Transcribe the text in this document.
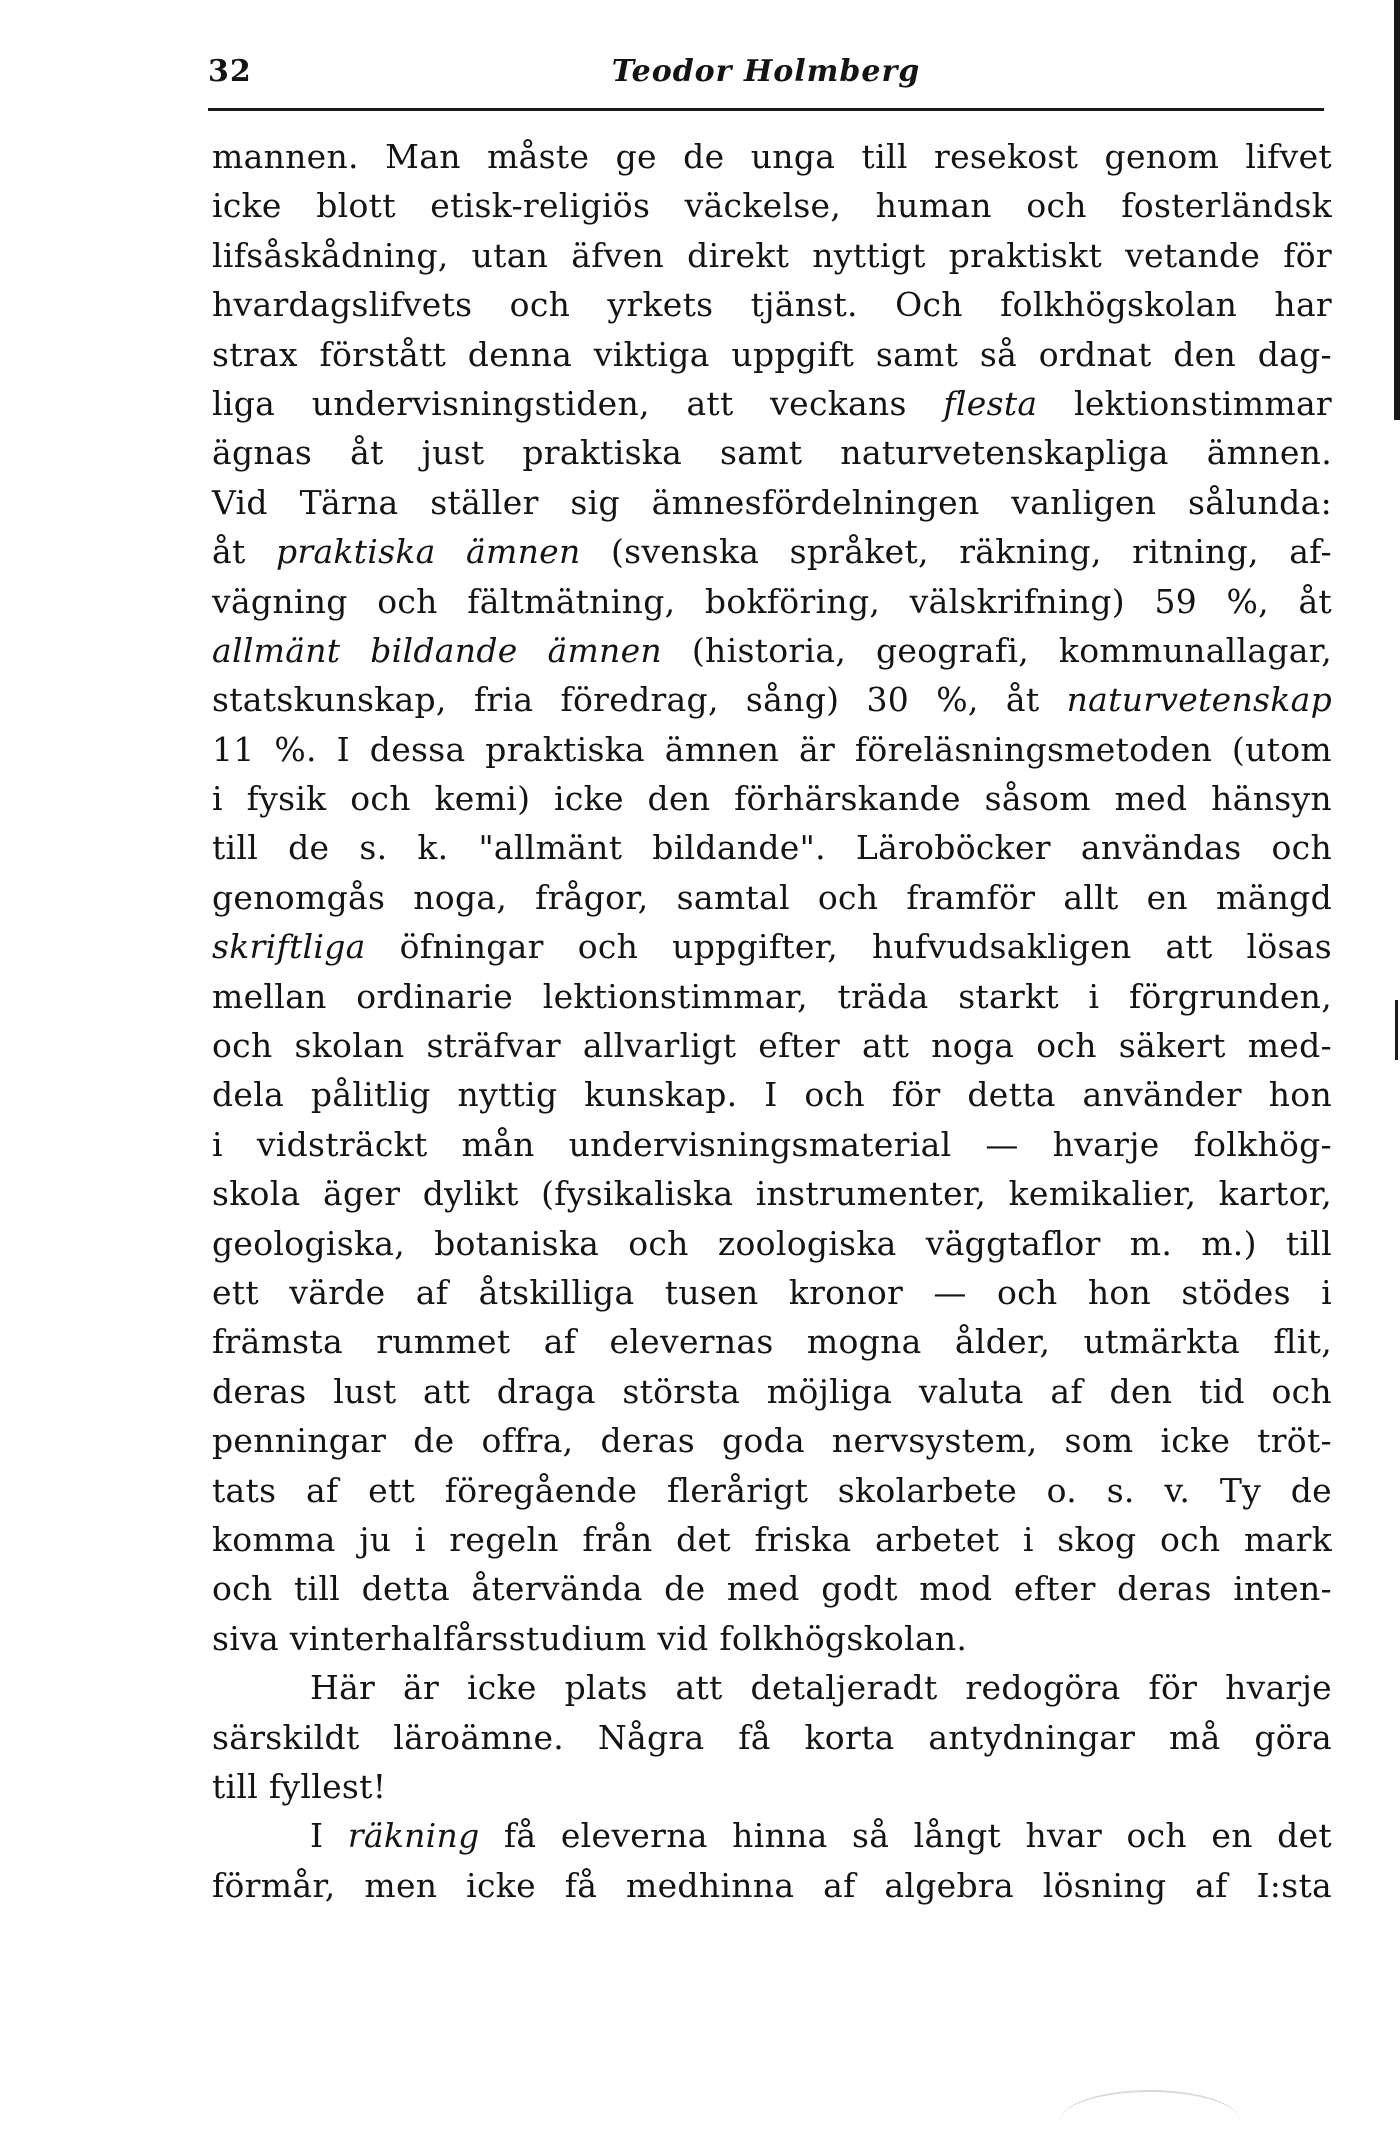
32	Teodor Holmberg
mannen. Man måste ge de unga till resekost genom lifvet
icke blott etisk-religiös väckelse, human och fosterländsk
lifsåskådning, utan äfven direkt nyttigt praktiskt vetande för
hvardagslifvets och yrkets tjänst. Och folkhögskolan har
strax förstått denna viktiga uppgift samt så ordnat den dag-
liga undervisningstiden, att veckans flesta lektionstimmar
ägnas åt just praktiska samt naturvetenskapliga ämnen.
Vid Tärna ställer sig ämnesfördelningen vanligen sålunda:
åt praktiska ämnen (svenska språket, räkning, ritning, af-
vägning och fältmätning, bokföring, välskrifning) 59 %, åt
allmänt bildande ämnen (historia, geografi, kommunallagar,
statskunskap, fria föredrag, sång) 30 %, åt naturvetenskap
11 %. I dessa praktiska ämnen är föreläsningsmetoden (utom
i fysik och kemi) icke den förhärskande såsom med hänsyn
till de s. k. "allmänt bildande". Läroböcker användas och
genomgås noga, frågor, samtal och framför allt en mängd
skriftliga öfningar och uppgifter, hufvudsakligen att lösas
mellan ordinarie lektionstimmar, träda starkt i förgrunden,
och skolan sträfvar allvarligt efter att noga och säkert med-
dela pålitlig nyttig kunskap. I och för detta använder hon
i vidsträckt mån undervisningsmaterial — hvarje folkhög-
skola äger dylikt (fysikaliska instrumenter, kemikalier, kartor,
geologiska, botaniska och zoologiska väggtaflor m. m.) till
ett värde af åtskilliga tusen kronor — och hon stödes i
främsta rummet af elevernas mogna ålder, utmärkta flit,
deras lust att draga största möjliga valuta af den tid och
penningar de offra, deras goda nervsystem, som icke tröt-
tats af ett föregående flerårigt skolarbete o. s. v. Ty de
komma ju i regeln från det friska arbetet i skog och mark
och till detta återvända de med godt mod efter deras inten-
siva vinterhalfårsstudium vid folkhögskolan.
Här är icke plats att detaljeradt redogöra för hvarje
särskildt läroämne. Några få korta antydningar må göra
till fyllest!
I räkning få eleverna hinna så långt hvar och en det
förmår, men icke få medhinna af algebra lösning af I:sta
